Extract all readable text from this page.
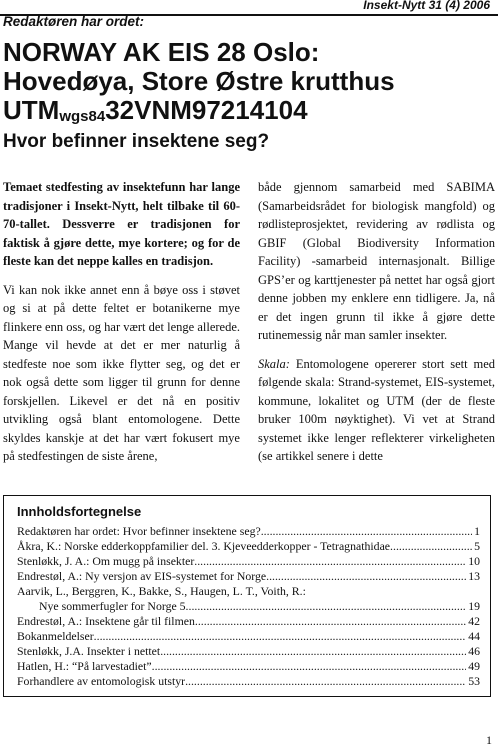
Insekt-Nytt 31 (4) 2006
Redaktøren har ordet:
NORWAY AK EIS 28 Oslo:
Hovedøya, Store Østre krutthus
$UTM_{wgs84}32VNM97214104$
Hvor befinner insektene seg?

Temaet stedfesting av insektefunn har lange tradisjoner i Insekt-Nytt, helt tilbake til 60-70-tallet. Dessverre er tradisjonen for faktisk å gjøre dette, mye kortere; og for de fleste kan det neppe kalles en tradisjon.

Vi kan nok ikke annet enn å bøye oss i støvet og si at på dette feltet er botanikerne mye flinkere enn oss, og har vært det lenge allerede. Mange vil hevde at det er mer naturlig å stedfeste noe som ikke flytter seg, og det er nok også dette som ligger til grunn for denne forskjellen. Likevel er det nå en positiv utvikling også blant entomologene. Dette skyldes kanskje at det har vært fokusert mye på stedfestingen de siste årene,

både gjennom samarbeid med SABIMA (Samarbeidsrådet for biologisk mangfold) og rødlisteprosjektet, revidering av rødlista og GBIF (Global Biodiversity Information Facility) -samarbeid internasjonalt. Billige GPS’er og karttjenester på nettet har også gjort denne jobben my enklere enn tidligere. Ja, nå er det ingen grunn til ikke å gjøre dette rutinemessig når man samler insekter.

Skala: Entomologene opererer stort sett med følgende skala: Strand-systemet, EIS-systemet, kommune, lokalitet og UTM (der de fleste bruker 100m nøyktighet). Vi vet at Strand systemet ikke lenger reflekterer virkeligheten (se artikkel senere i dette

Innholdsfortegnelse
Redaktøren har ordet: Hvor befinner insektene seg? .....	1
Åkra, K.: Norske edderkoppfamilier del. 3. Kjeveedderkopper - Tetragnathidae .....	5
Stenløkk, J. A.: Om mugg på insekter .....	10
Endrestøl, A.: Ny versjon av EIS-systemet for Norge .....	13
Aarvik, L., Berggren, K., Bakke, S., Haugen, L. T., Voith, R.:
Nye sommerfugler for Norge 5 .....	19
Endrestøl, A.: Insektene går til filmen .....	42
Bokanmeldelser .....	44
Stenløkk, J.A. Insekter i nettet .....	46
Hatlen, H.: “På larvestadiet” .....	49
Forhandlere av entomologisk utstyr .....	53
1
